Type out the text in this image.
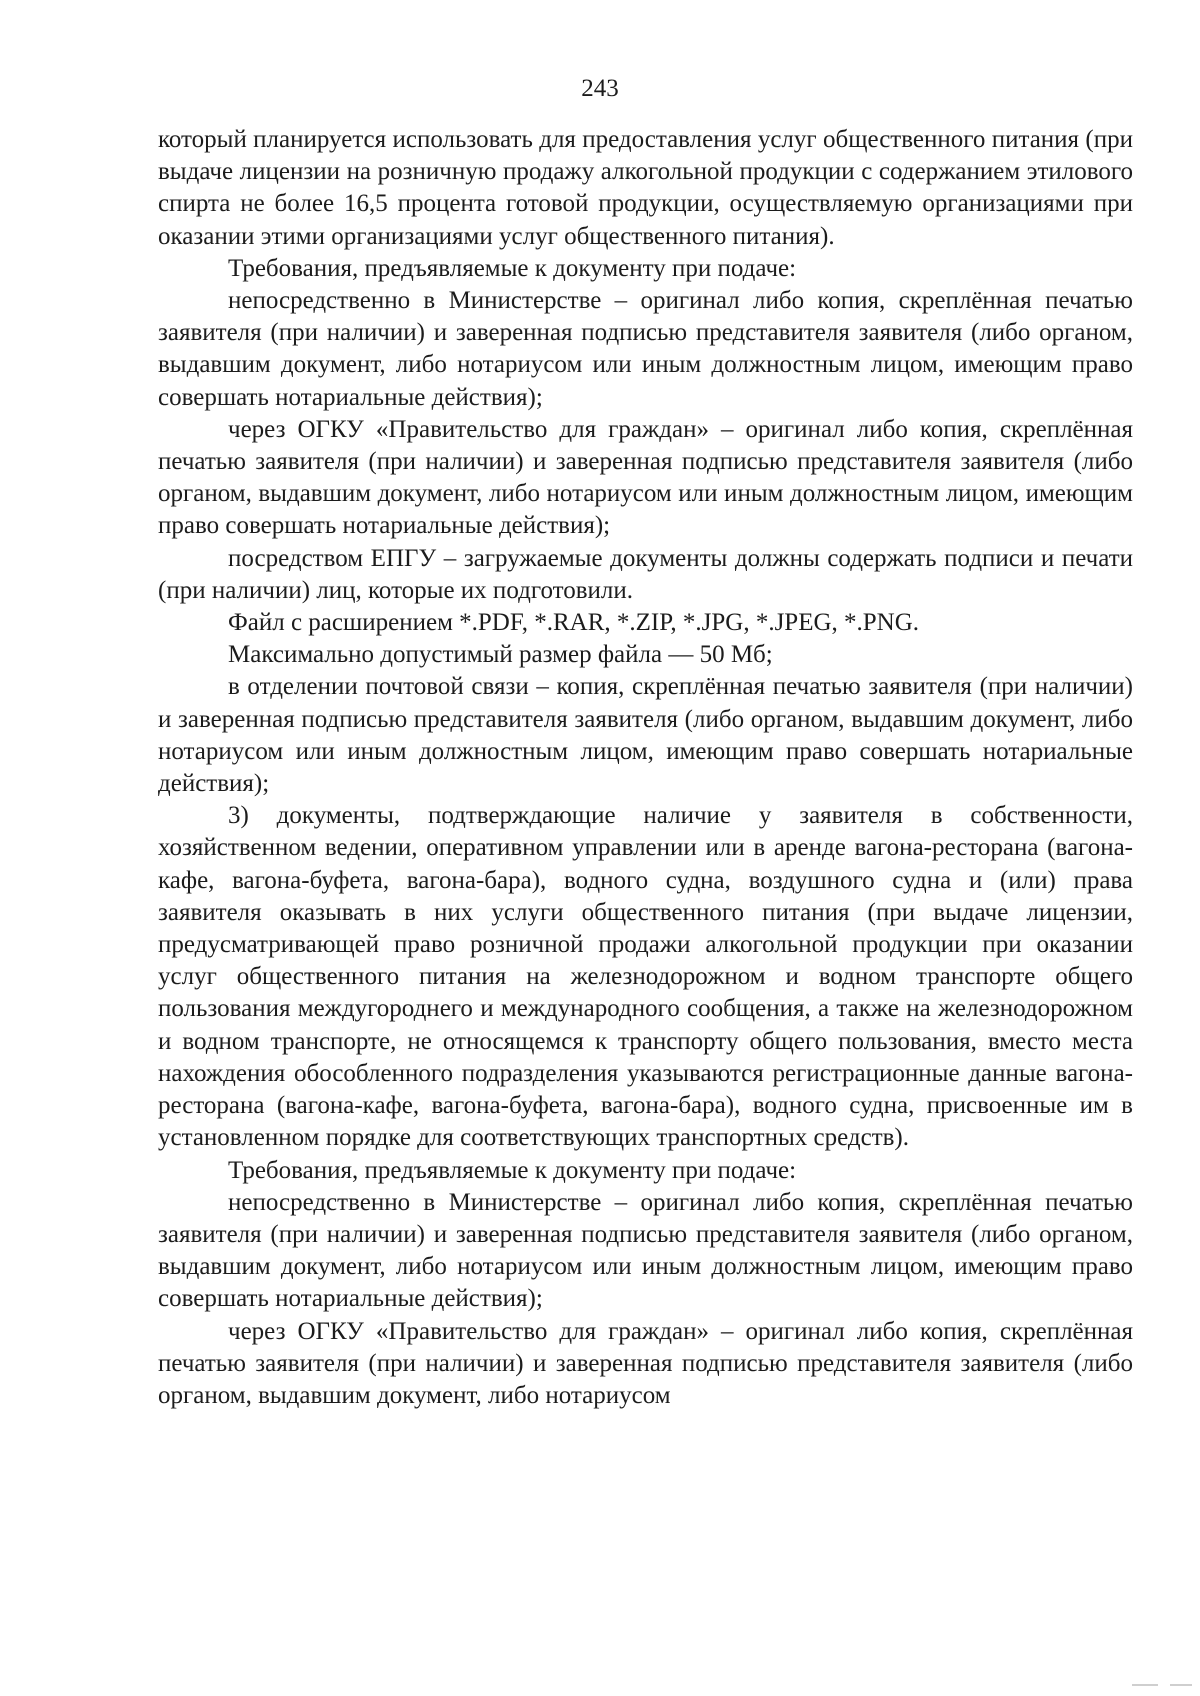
243

который планируется использовать для предоставления услуг общественного питания (при выдаче лицензии на розничную продажу алкогольной продукции с содержанием этилового спирта не более 16,5 процента готовой продукции, осуществляемую организациями при оказании этими организациями услуг общественного питания).

Требования, предъявляемые к документу при подаче:

непосредственно в Министерстве – оригинал либо копия, скреплённая печатью заявителя (при наличии) и заверенная подписью представителя заявителя (либо органом, выдавшим документ, либо нотариусом или иным должностным лицом, имеющим право совершать нотариальные действия);

через ОГКУ «Правительство для граждан» – оригинал либо копия, скреплённая печатью заявителя (при наличии) и заверенная подписью представителя заявителя (либо органом, выдавшим документ, либо нотариусом или иным должностным лицом, имеющим право совершать нотариальные действия);

посредством ЕПГУ – загружаемые документы должны содержать подписи и печати (при наличии) лиц, которые их подготовили.

Файл с расширением *.PDF, *.RAR, *.ZIP, *.JPG, *.JPEG, *.PNG.

Максимально допустимый размер файла — 50 Мб;

в отделении почтовой связи – копия, скреплённая печатью заявителя (при наличии) и заверенная подписью представителя заявителя (либо органом, выдавшим документ, либо нотариусом или иным должностным лицом, имеющим право совершать нотариальные действия);

3) документы, подтверждающие наличие у заявителя в собственности, хозяйственном ведении, оперативном управлении или в аренде вагона-ресторана (вагона-кафе, вагона-буфета, вагона-бара), водного судна, воздушного судна и (или) права заявителя оказывать в них услуги общественного питания (при выдаче лицензии, предусматривающей право розничной продажи алкогольной продукции при оказании услуг общественного питания на железнодорожном и водном транспорте общего пользования междугороднего и международного сообщения, а также на железнодорожном и водном транспорте, не относящемся к транспорту общего пользования, вместо места нахождения обособленного подразделения указываются регистрационные данные вагона-ресторана (вагона-кафе, вагона-буфета, вагона-бара), водного судна, присвоенные им в установленном порядке для соответствующих транспортных средств).

Требования, предъявляемые к документу при подаче:

непосредственно в Министерстве – оригинал либо копия, скреплённая печатью заявителя (при наличии) и заверенная подписью представителя заявителя (либо органом, выдавшим документ, либо нотариусом или иным должностным лицом, имеющим право совершать нотариальные действия);

через ОГКУ «Правительство для граждан» – оригинал либо копия, скреплённая печатью заявителя (при наличии) и заверенная подписью представителя заявителя (либо органом, выдавшим документ, либо нотариусом
